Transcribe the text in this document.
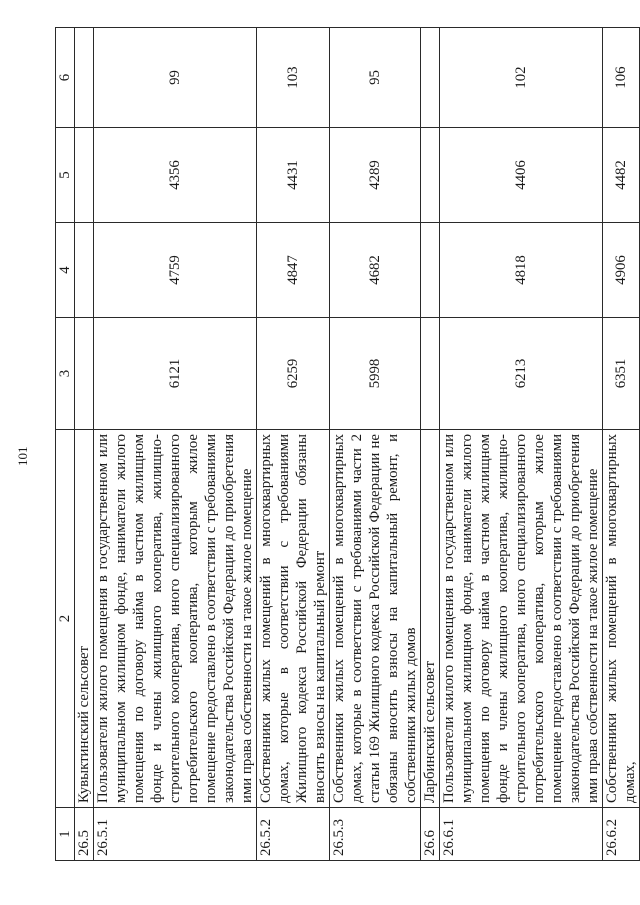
101
1	2	3	4	5	6
26.5	Кувыктинский сельсовет				
26.5.1	Пользователи жилого помещения в государственном или муниципальном жилищном фонде, наниматели жилого помещения по договору найма в частном жилищном фонде и члены жилищного кооператива, жилищно-строительного кооператива, иного специализированного потребительского кооператива, которым жилое помещение предоставлено в соответствии с требованиями законодательства Российской Федерации до приобретения ими права собственности на такое жилое помещение	6121	4759	4356	99
26.5.2	Собственники жилых помещений в многоквартирных домах, которые в соответствии с требованиями Жилищного кодекса Российской Федерации обязаны вносить взносы на капитальный ремонт	6259	4847	4431	103
26.5.3	Собственники жилых помещений в многоквартирных домах, которые в соответствии с требованиями части 2 статьи 169 Жилищного кодекса Российской Федерации не обязаны вносить взносы на капитальный ремонт, и собственники жилых домов	5998	4682	4289	95
26.6	Ларбинский сельсовет				
26.6.1	Пользователи жилого помещения в государственном или муниципальном жилищном фонде, наниматели жилого помещения по договору найма в частном жилищном фонде и члены жилищного кооператива, жилищно-строительного кооператива, иного специализированного потребительского кооператива, которым жилое помещение предоставлено в соответствии с требованиями законодательства Российской Федерации до приобретения ими права собственности на такое жилое помещение	6213	4818	4406	102
26.6.2	Собственники жилых помещений в многоквартирных домах,	6351	4906	4482	106
